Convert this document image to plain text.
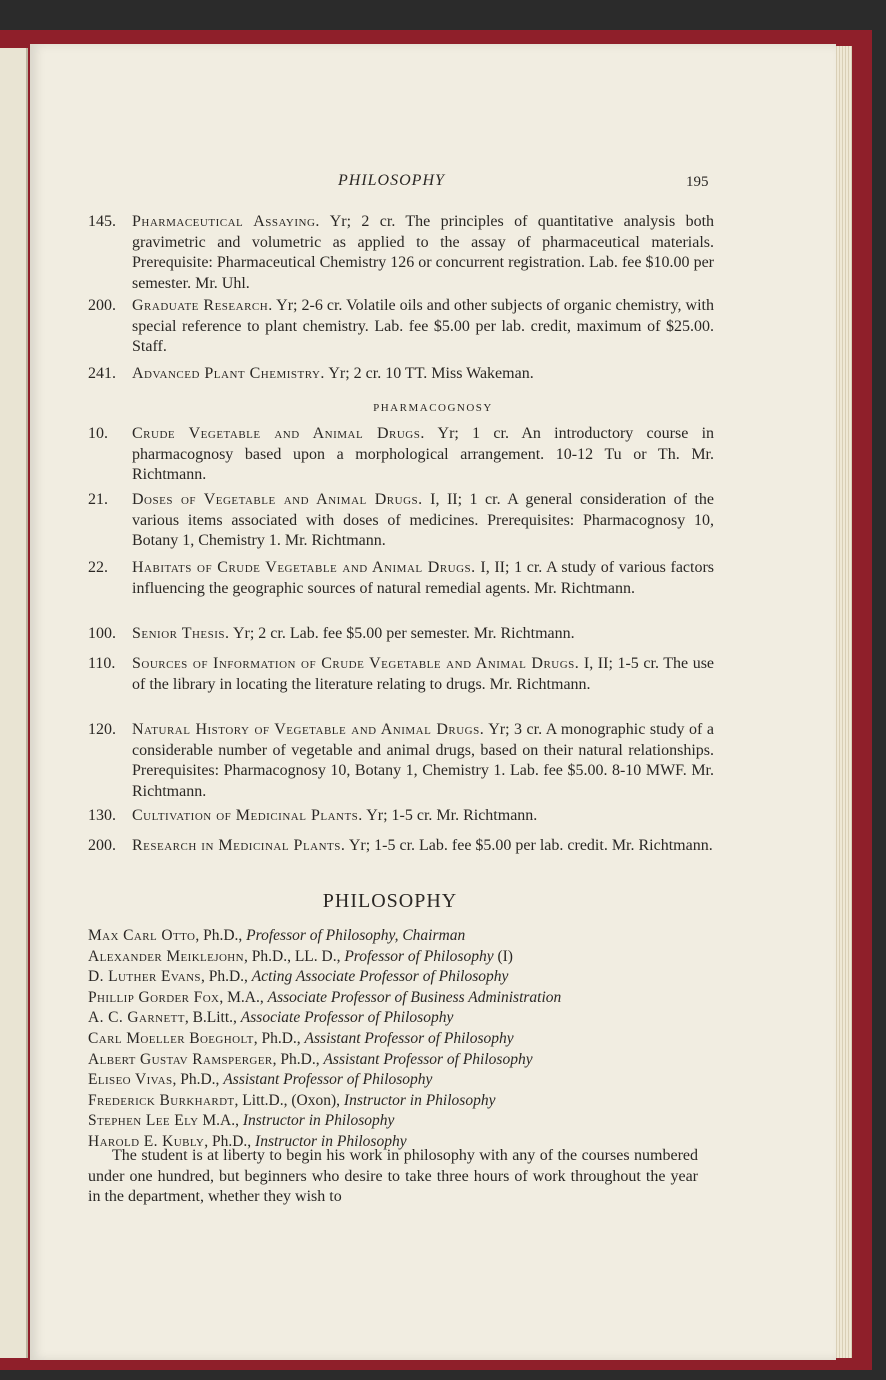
PHILOSOPHY	195
145.	Pharmaceutical Assaying. Yr; 2 cr. The principles of quantitative analysis both gravimetric and volumetric as applied to the assay of pharmaceutical materials. Prerequisite: Pharmaceutical Chemistry 126 or concurrent registration. Lab. fee $10.00 per semester. Mr. Uhl.
200.	Graduate Research. Yr; 2-6 cr. Volatile oils and other subjects of organic chemistry, with special reference to plant chemistry. Lab. fee $5.00 per lab. credit, maximum of $25.00. Staff.
241.	Advanced Plant Chemistry. Yr; 2 cr. 10 TT. Miss Wakeman.
PHARMACOGNOSY
10.	Crude Vegetable and Animal Drugs. Yr; 1 cr. An introductory course in pharmacognosy based upon a morphological arrangement. 10-12 Tu or Th. Mr. Richtmann.
21.	Doses of Vegetable and Animal Drugs. I, II; 1 cr. A general consideration of the various items associated with doses of medicines. Prerequisites: Pharmacognosy 10, Botany 1, Chemistry 1. Mr. Richtmann.
22.	Habitats of Crude Vegetable and Animal Drugs. I, II; 1 cr. A study of various factors influencing the geographic sources of natural remedial agents. Mr. Richtmann.
100.	Senior Thesis. Yr; 2 cr. Lab. fee $5.00 per semester. Mr. Richtmann.
110.	Sources of Information of Crude Vegetable and Animal Drugs. I, II; 1-5 cr. The use of the library in locating the literature relating to drugs. Mr. Richtmann.
120.	Natural History of Vegetable and Animal Drugs. Yr; 3 cr. A monographic study of a considerable number of vegetable and animal drugs, based on their natural relationships. Prerequisites: Pharmacognosy 10, Botany 1, Chemistry 1. Lab. fee $5.00. 8-10 MWF. Mr. Richtmann.
130.	Cultivation of Medicinal Plants. Yr; 1-5 cr. Mr. Richtmann.
200.	Research in Medicinal Plants. Yr; 1-5 cr. Lab. fee $5.00 per lab. credit. Mr. Richtmann.
PHILOSOPHY
Max Carl Otto, Ph.D., Professor of Philosophy, Chairman
Alexander Meiklejohn, Ph.D., LL. D., Professor of Philosophy (I)
D. Luther Evans, Ph.D., Acting Associate Professor of Philosophy
Phillip Gorder Fox, M.A., Associate Professor of Business Administration
A. C. Garnett, B.Litt., Associate Professor of Philosophy
Carl Moeller Boegholt, Ph.D., Assistant Professor of Philosophy
Albert Gustav Ramsperger, Ph.D., Assistant Professor of Philosophy
Eliseo Vivas, Ph.D., Assistant Professor of Philosophy
Frederick Burkhardt, Litt.D., (Oxon), Instructor in Philosophy
Stephen Lee Ely M.A., Instructor in Philosophy
Harold E. Kubly, Ph.D., Instructor in Philosophy
The student is at liberty to begin his work in philosophy with any of the courses numbered under one hundred, but beginners who desire to take three hours of work throughout the year in the department, whether they wish to
